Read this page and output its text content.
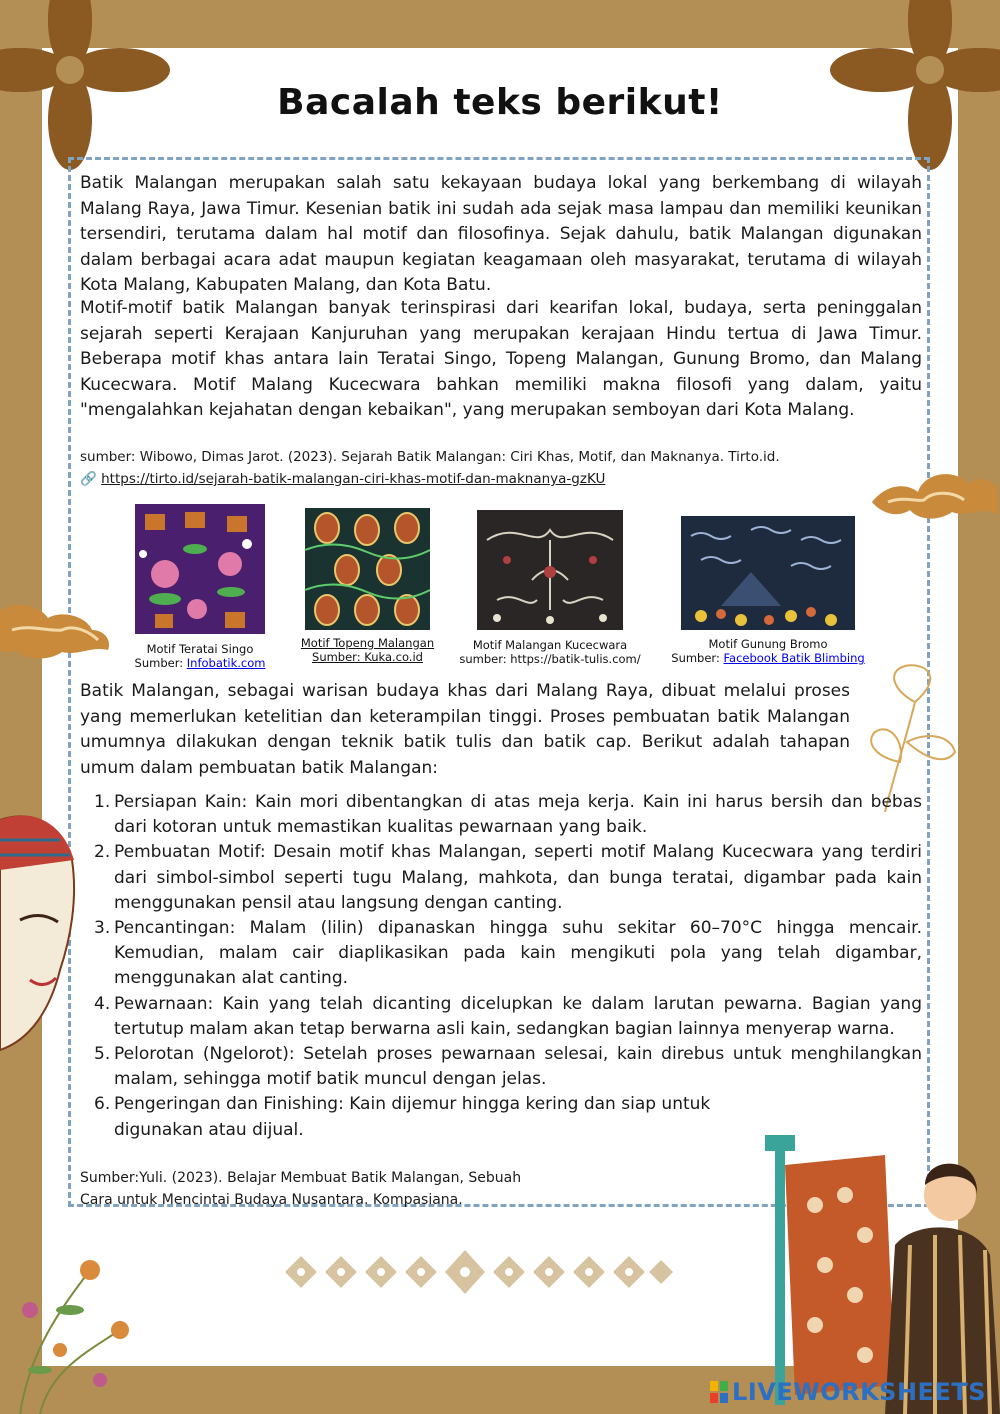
Bacalah teks berikut!

Batik Malangan merupakan salah satu kekayaan budaya lokal yang berkembang di wilayah Malang Raya, Jawa Timur. Kesenian batik ini sudah ada sejak masa lampau dan memiliki keunikan tersendiri, terutama dalam hal motif dan filosofinya. Sejak dahulu, batik Malangan digunakan dalam berbagai acara adat maupun kegiatan keagamaan oleh masyarakat, terutama di wilayah Kota Malang, Kabupaten Malang, dan Kota Batu.

Motif-motif batik Malangan banyak terinspirasi dari kearifan lokal, budaya, serta peninggalan sejarah seperti Kerajaan Kanjuruhan yang merupakan kerajaan Hindu tertua di Jawa Timur. Beberapa motif khas antara lain Teratai Singo, Topeng Malangan, Gunung Bromo, dan Malang Kucecwara. Motif Malang Kucecwara bahkan memiliki makna filosofi yang dalam, yaitu "mengalahkan kejahatan dengan kebaikan", yang merupakan semboyan dari Kota Malang.

sumber: Wibowo, Dimas Jarot. (2023). Sejarah Batik Malangan: Ciri Khas, Motif, dan Maknanya. Tirto.id.
🔗 https://tirto.id/sejarah-batik-malangan-ciri-khas-motif-dan-maknanya-gzKU
Motif Teratai Singo
Sumber: Infobatik.com
Motif Topeng Malangan
Sumber: Kuka.co.id
Motif Malangan Kucecwara
sumber: https://batik-tulis.com/
Motif Gunung Bromo
Sumber: Facebook Batik Blimbing

Batik Malangan, sebagai warisan budaya khas dari Malang Raya, dibuat melalui proses yang memerlukan ketelitian dan keterampilan tinggi. Proses pembuatan batik Malangan umumnya dilakukan dengan teknik batik tulis dan batik cap. Berikut adalah tahapan umum dalam pembuatan batik Malangan:

1. Persiapan Kain: Kain mori dibentangkan di atas meja kerja. Kain ini harus bersih dan bebas dari kotoran untuk memastikan kualitas pewarnaan yang baik.
2. Pembuatan Motif: Desain motif khas Malangan, seperti motif Malang Kucecwara yang terdiri dari simbol-simbol seperti tugu Malang, mahkota, dan bunga teratai, digambar pada kain menggunakan pensil atau langsung dengan canting.
3. Pencantingan: Malam (lilin) dipanaskan hingga suhu sekitar 60–70°C hingga mencair. Kemudian, malam cair diaplikasikan pada kain mengikuti pola yang telah digambar, menggunakan alat canting.
4. Pewarnaan: Kain yang telah dicanting dicelupkan ke dalam larutan pewarna. Bagian yang tertutup malam akan tetap berwarna asli kain, sedangkan bagian lainnya menyerap warna.
5. Pelorotan (Ngelorot): Setelah proses pewarnaan selesai, kain direbus untuk menghilangkan malam, sehingga motif batik muncul dengan jelas.
6. Pengeringan dan Finishing: Kain dijemur hingga kering dan siap untuk digunakan atau dijual.
Sumber:Yuli. (2023). Belajar Membuat Batik Malangan, Sebuah
Cara untuk Mencintai Budaya Nusantara. Kompasiana.
LIVEWORKSHEETS
